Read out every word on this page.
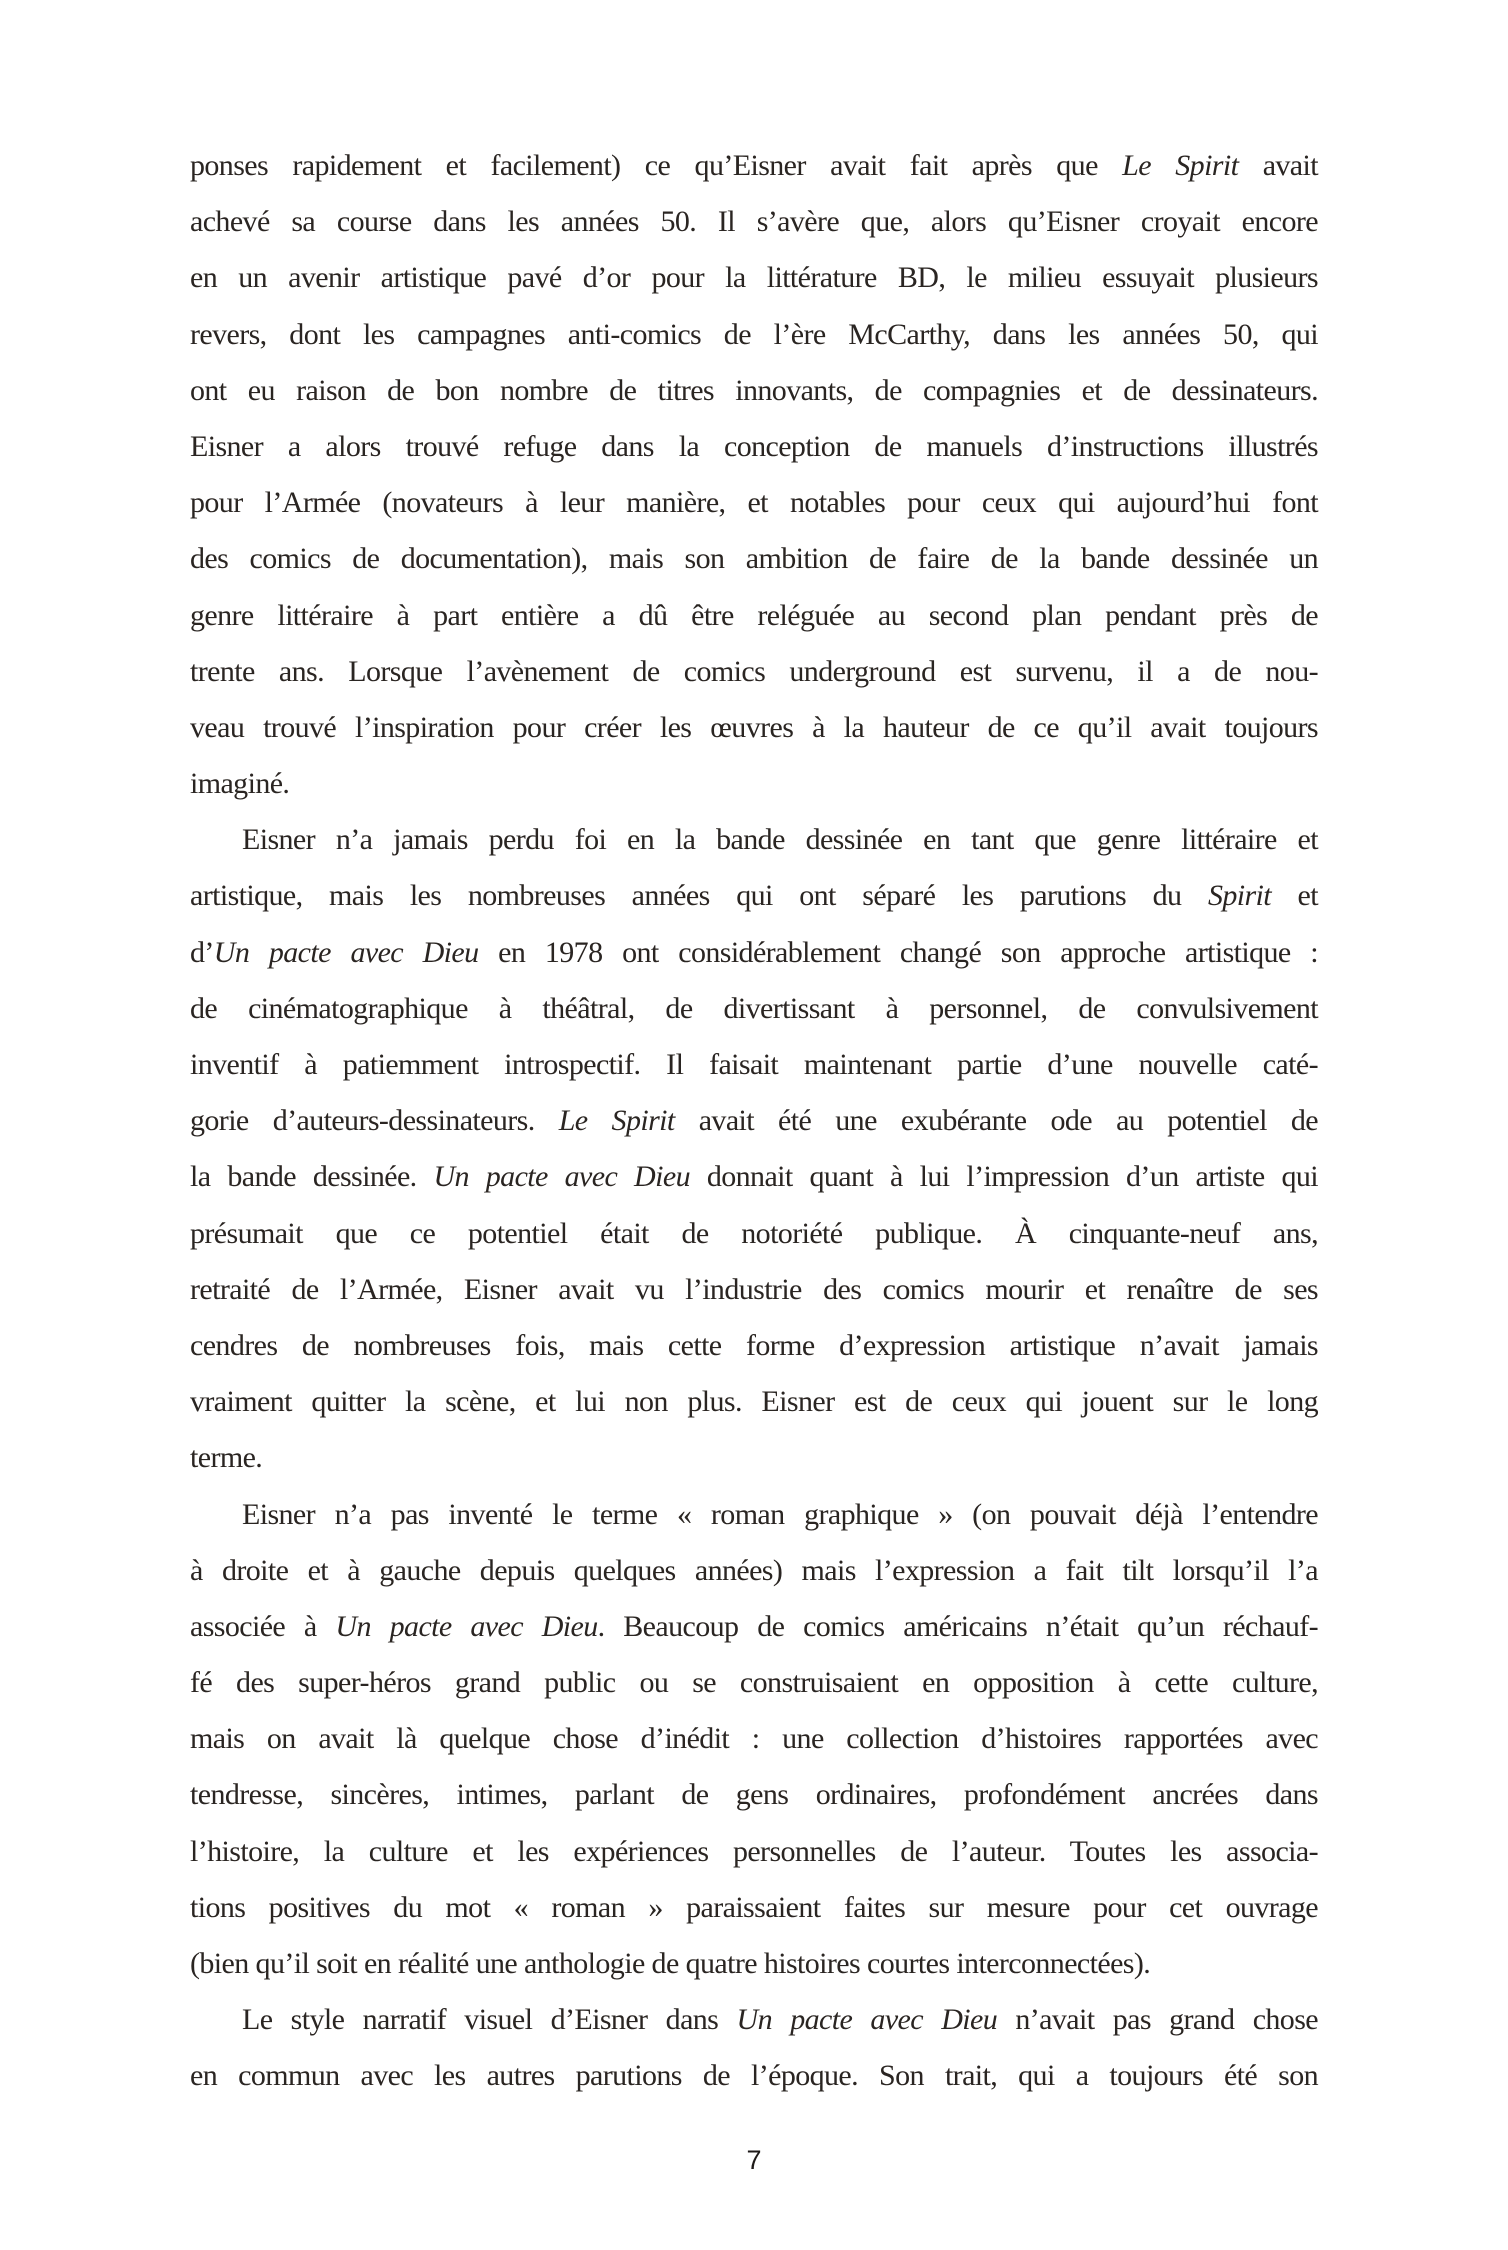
ponses rapidement et facilement) ce qu’Eisner avait fait après que Le Spirit avait
achevé sa course dans les années 50. Il s’avère que, alors qu’Eisner croyait encore
en un avenir artistique pavé d’or pour la littérature BD, le milieu essuyait plusieurs
revers, dont les campagnes anti-comics de l’ère McCarthy, dans les années 50, qui
ont eu raison de bon nombre de titres innovants, de compagnies et de dessinateurs.
Eisner a alors trouvé refuge dans la conception de manuels d’instructions illustrés
pour l’Armée (novateurs à leur manière, et notables pour ceux qui aujourd’hui font
des comics de documentation), mais son ambition de faire de la bande dessinée un
genre littéraire à part entière a dû être reléguée au second plan pendant près de
trente ans. Lorsque l’avènement de comics underground est survenu, il a de nou-
veau trouvé l’inspiration pour créer les œuvres à la hauteur de ce qu’il avait toujours
imaginé.
Eisner n’a jamais perdu foi en la bande dessinée en tant que genre littéraire et
artistique, mais les nombreuses années qui ont séparé les parutions du Spirit et
d’Un pacte avec Dieu en 1978 ont considérablement changé son approche artistique :
de cinématographique à théâtral, de divertissant à personnel, de convulsivement
inventif à patiemment introspectif. Il faisait maintenant partie d’une nouvelle caté-
gorie d’auteurs-dessinateurs. Le Spirit avait été une exubérante ode au potentiel de
la bande dessinée. Un pacte avec Dieu donnait quant à lui l’impression d’un artiste qui
présumait que ce potentiel était de notoriété publique. À cinquante-neuf ans,
retraité de l’Armée, Eisner avait vu l’industrie des comics mourir et renaître de ses
cendres de nombreuses fois, mais cette forme d’expression artistique n’avait jamais
vraiment quitter la scène, et lui non plus. Eisner est de ceux qui jouent sur le long
terme.
Eisner n’a pas inventé le terme « roman graphique » (on pouvait déjà l’entendre
à droite et à gauche depuis quelques années) mais l’expression a fait tilt lorsqu’il l’a
associée à Un pacte avec Dieu. Beaucoup de comics américains n’était qu’un réchauf-
fé des super-héros grand public ou se construisaient en opposition à cette culture,
mais on avait là quelque chose d’inédit : une collection d’histoires rapportées avec
tendresse, sincères, intimes, parlant de gens ordinaires, profondément ancrées dans
l’histoire, la culture et les expériences personnelles de l’auteur. Toutes les associa-
tions positives du mot « roman » paraissaient faites sur mesure pour cet ouvrage
(bien qu’il soit en réalité une anthologie de quatre histoires courtes interconnectées).
Le style narratif visuel d’Eisner dans Un pacte avec Dieu n’avait pas grand chose
en commun avec les autres parutions de l’époque. Son trait, qui a toujours été son
7
